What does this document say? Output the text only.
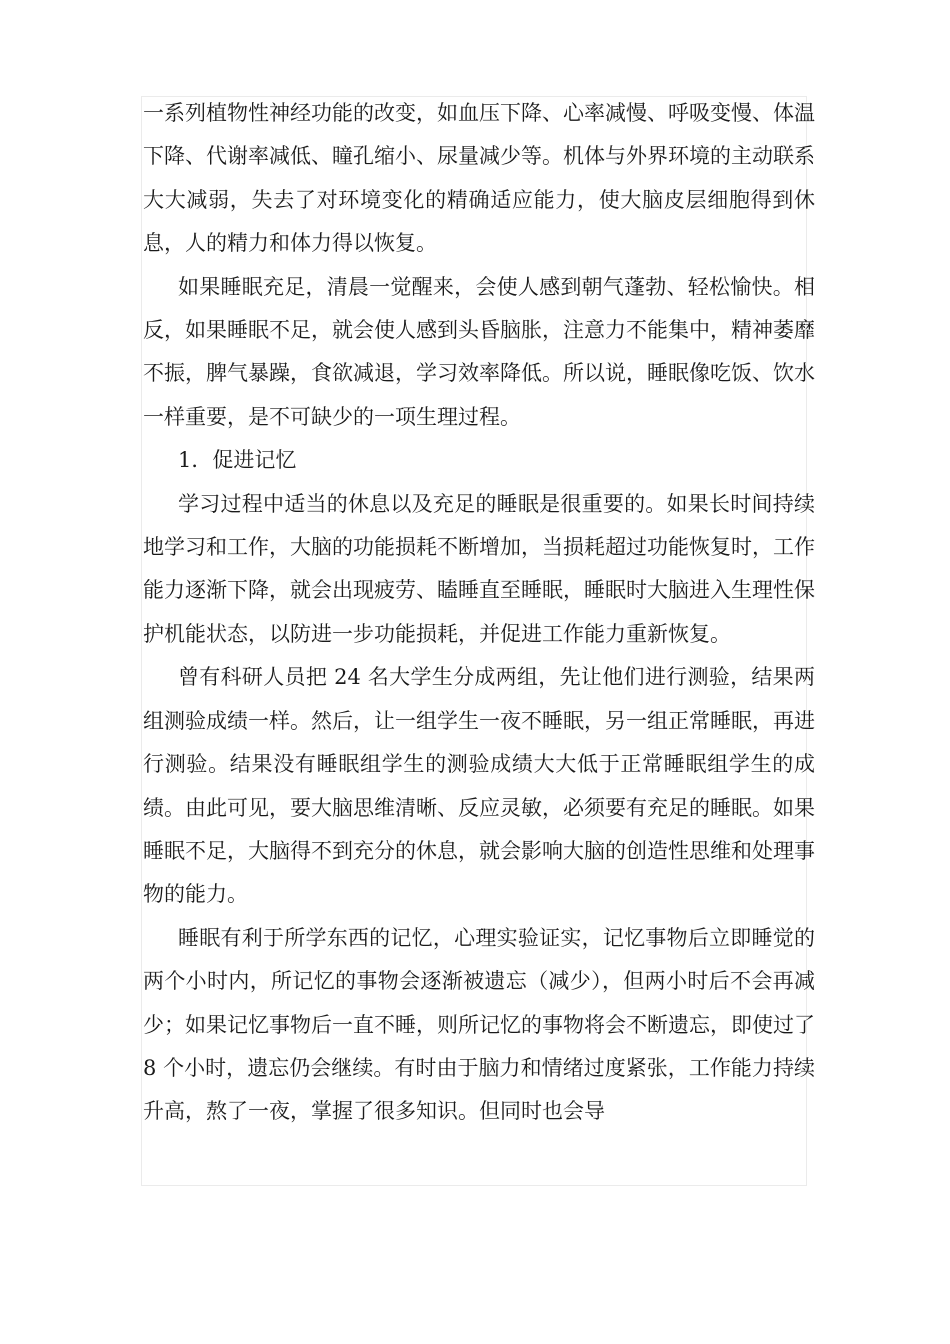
一系列植物性神经功能的改变，如血压下降、心率减慢、呼吸变慢、体温下降、代谢率减低、瞳孔缩小、尿量减少等。机体与外界环境的主动联系大大减弱，失去了对环境变化的精确适应能力，使大脑皮层细胞得到休息，人的精力和体力得以恢复。

如果睡眠充足，清晨一觉醒来，会使人感到朝气蓬勃、轻松愉快。相反，如果睡眠不足，就会使人感到头昏脑胀，注意力不能集中，精神萎靡不振，脾气暴躁，食欲减退，学习效率降低。所以说，睡眠像吃饭、饮水一样重要，是不可缺少的一项生理过程。

1．促进记忆

学习过程中适当的休息以及充足的睡眠是很重要的。如果长时间持续地学习和工作，大脑的功能损耗不断增加，当损耗超过功能恢复时，工作能力逐渐下降，就会出现疲劳、瞌睡直至睡眠，睡眠时大脑进入生理性保护机能状态，以防进一步功能损耗，并促进工作能力重新恢复。

曾有科研人员把 24 名大学生分成两组，先让他们进行测验，结果两组测验成绩一样。然后，让一组学生一夜不睡眠，另一组正常睡眠，再进行测验。结果没有睡眠组学生的测验成绩大大低于正常睡眠组学生的成绩。由此可见，要大脑思维清晰、反应灵敏，必须要有充足的睡眠。如果睡眠不足，大脑得不到充分的休息，就会影响大脑的创造性思维和处理事物的能力。

睡眠有利于所学东西的记忆，心理实验证实，记忆事物后立即睡觉的两个小时内，所记忆的事物会逐渐被遗忘（减少），但两小时后不会再减少；如果记忆事物后一直不睡，则所记忆的事物将会不断遗忘，即使过了 8 个小时，遗忘仍会继续。有时由于脑力和情绪过度紧张，工作能力持续升高，熬了一夜，掌握了很多知识。但同时也会导
